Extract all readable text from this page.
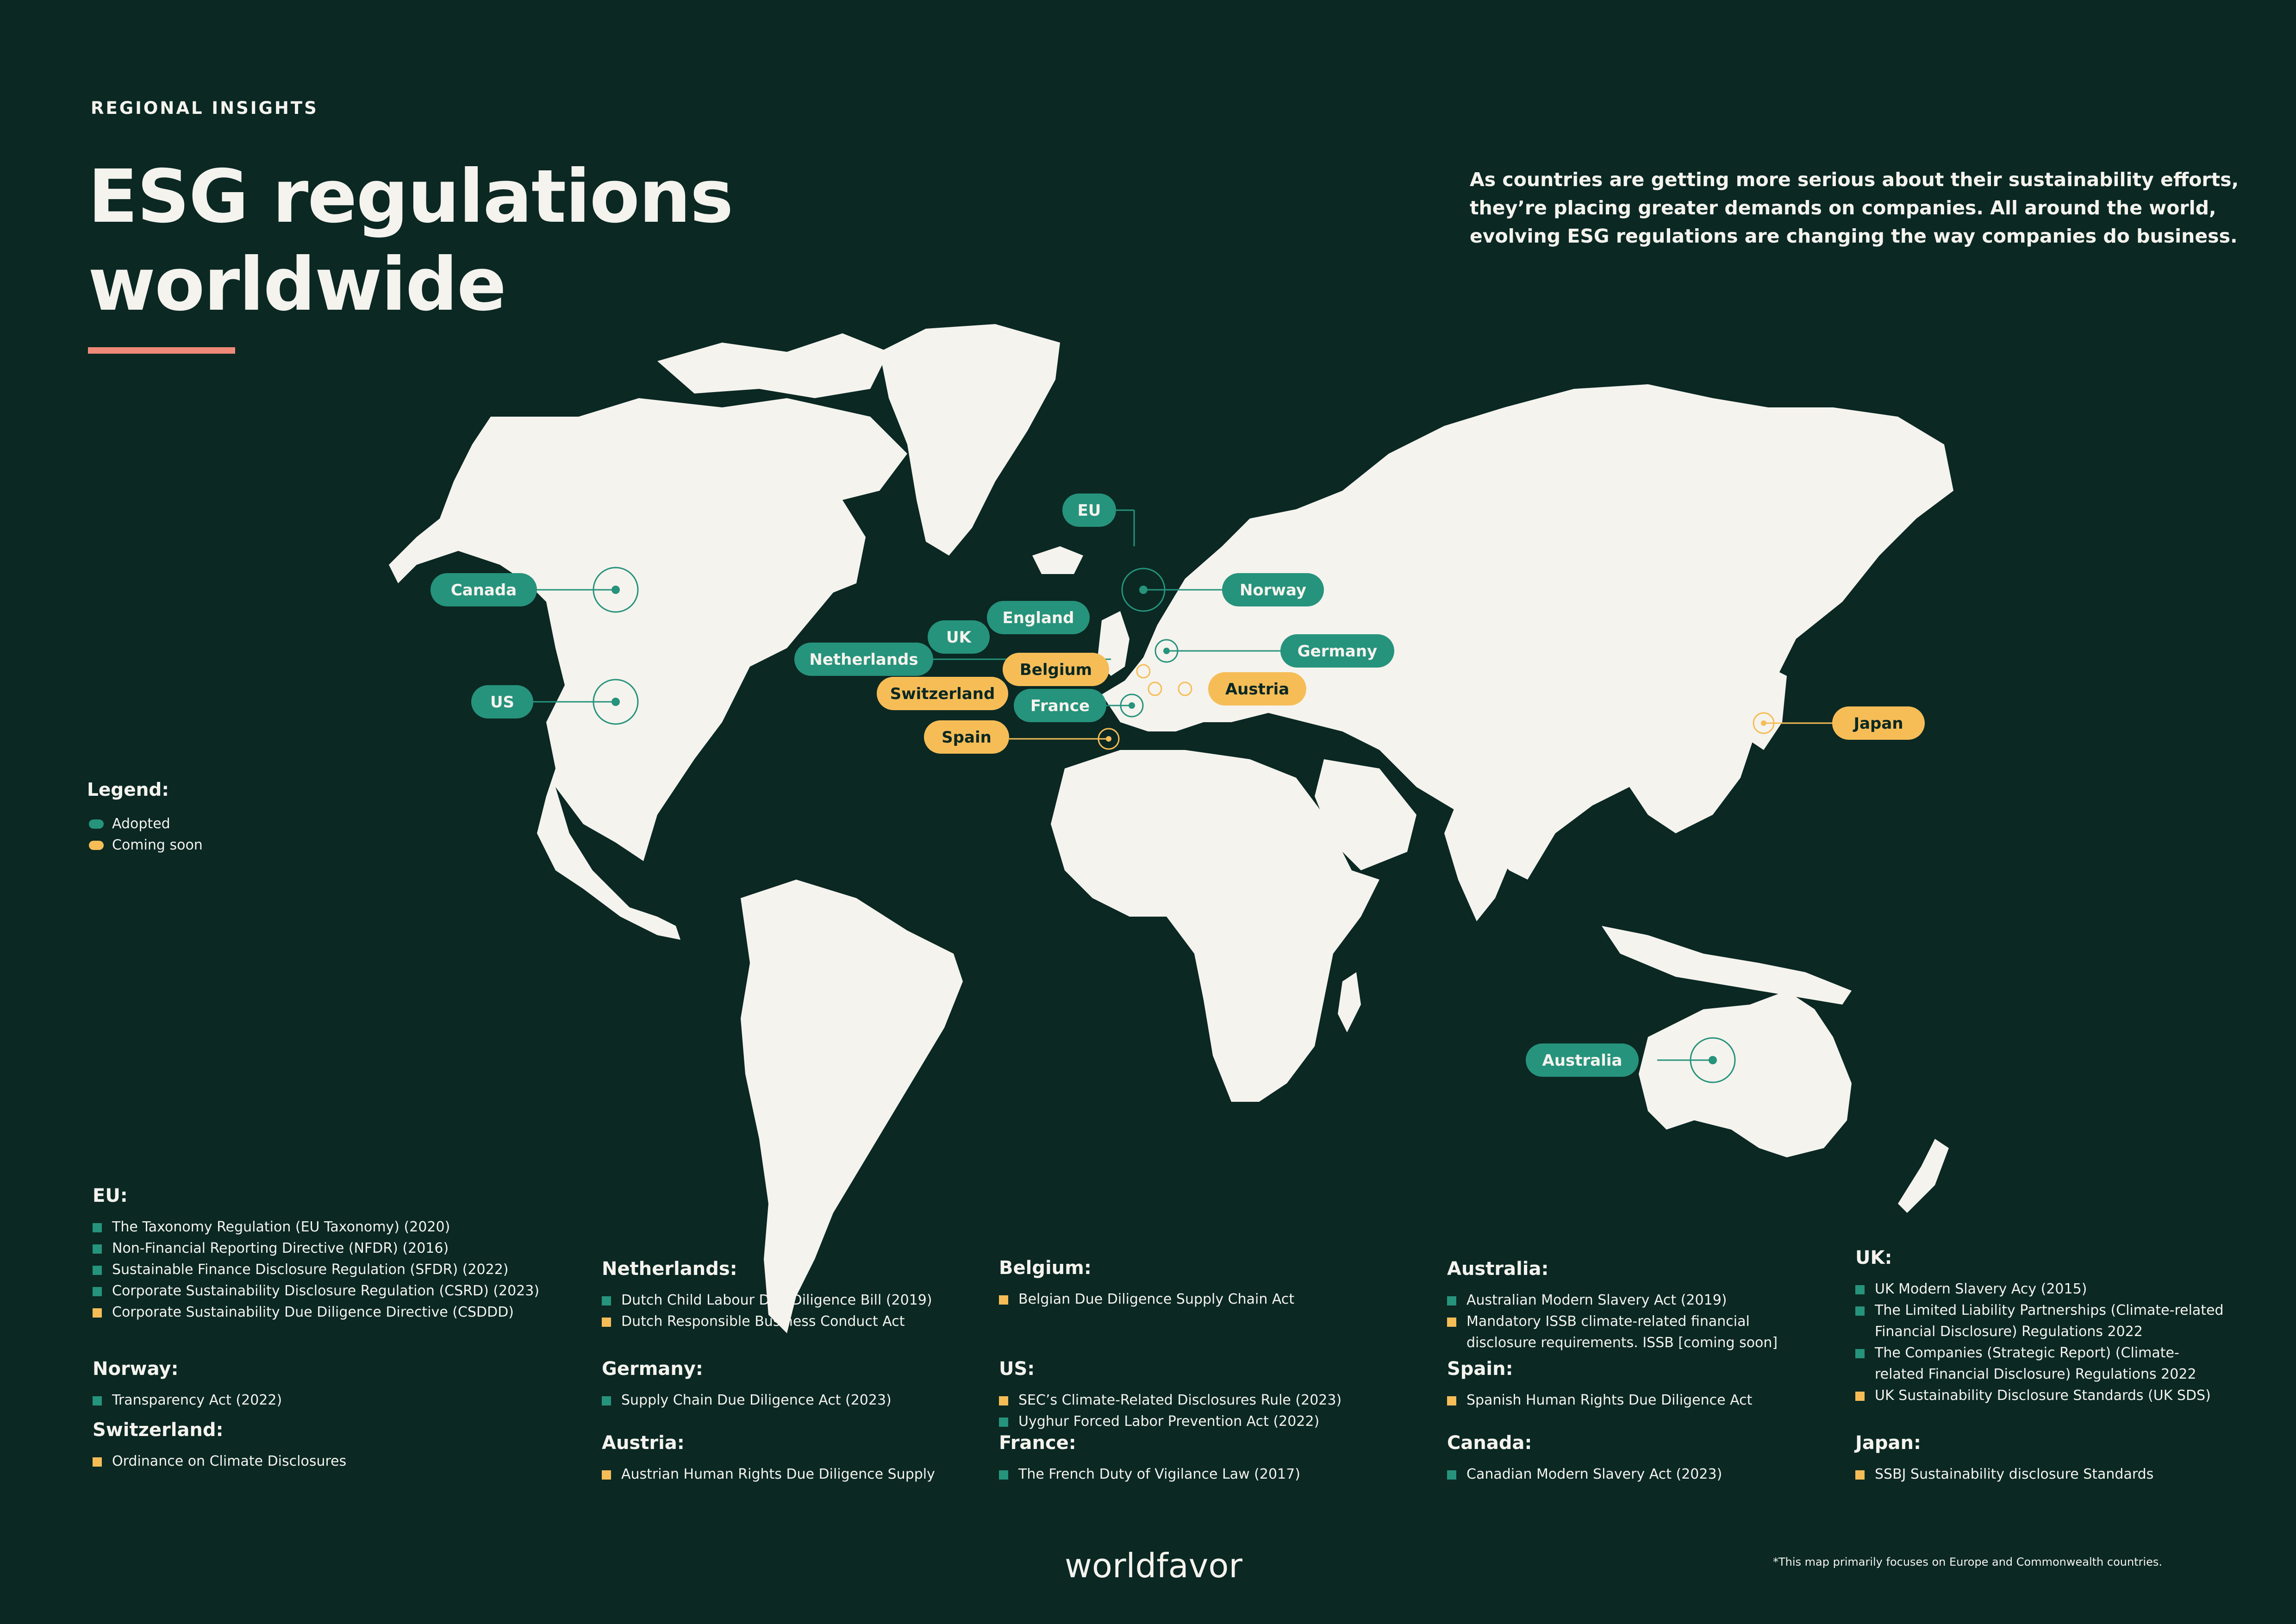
REGIONAL INSIGHTS
ESG regulations
worldwide
As countries are getting more serious about their sustainability efforts,
they’re placing greater demands on companies. All around the world,
evolving ESG regulations are changing the way companies do business.
EU
Canada
US
Norway
England
UK
Netherlands	Germany
Belgium
Switzerland	Austria
France
Spain
Japan
Australia
Legend:
Adopted
Coming soon
EU:
The Taxonomy Regulation (EU Taxonomy) (2020)
Non-Financial Reporting Directive (NFDR) (2016)
Sustainable Finance Disclosure Regulation (SFDR) (2022)
Corporate Sustainability Disclosure Regulation (CSRD) (2023)
Corporate Sustainability Due Diligence Directive (CSDDD)
Norway:
Transparency Act (2022)
Switzerland:
Ordinance on Climate Disclosures
Netherlands:
Dutch Child Labour Due Diligence Bill (2019)
Dutch Responsible Business Conduct Act
Germany:
Supply Chain Due Diligence Act (2023)
Austria:
Austrian Human Rights Due Diligence Supply
Belgium:
Belgian Due Diligence Supply Chain Act
US:
SEC’s Climate-Related Disclosures Rule (2023)
Uyghur Forced Labor Prevention Act (2022)
France:
The French Duty of Vigilance Law (2017)
Australia:
Australian Modern Slavery Act (2019)
Mandatory ISSB climate-related financial disclosure requirements. ISSB [coming soon]
Spain:
Spanish Human Rights Due Diligence Act
Canada:
Canadian Modern Slavery Act (2023)
UK:
UK Modern Slavery Acy (2015)
The Limited Liability Partnerships (Climate-related Financial Disclosure) Regulations 2022
The Companies (Strategic Report) (Climate-related Financial Disclosure) Regulations 2022
UK Sustainability Disclosure Standards (UK SDS)
Japan:
SSBJ Sustainability disclosure Standards
worldfavor	*This map primarily focuses on Europe and Commonwealth countries.
